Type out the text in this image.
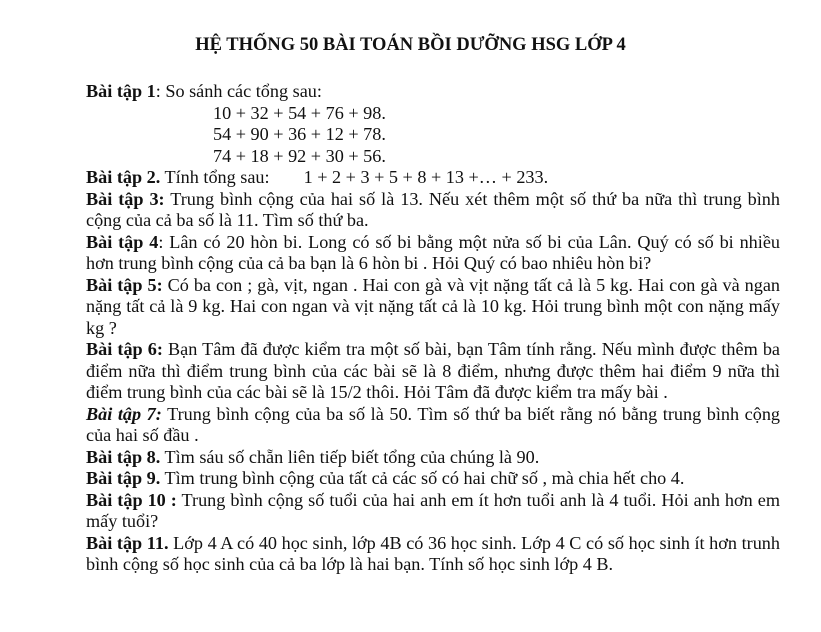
HỆ THỐNG 50 BÀI TOÁN BỒI DƯỠNG HSG LỚP 4

Bài tập 1: So sánh các tổng sau:

10 + 32 + 54 + 76 + 98.
54 + 90 + 36 + 12 + 78.
74 + 18 + 92 + 30 + 56.

Bài tập 2. Tính tổng sau: 1 + 2 + 3 + 5 + 8 + 13 +… + 233.

Bài tập 3: Trung bình cộng của hai số là 13. Nếu xét thêm một số thứ ba nữa thì trung bình cộng của cả ba số là 11. Tìm số thứ ba.

Bài tập 4: Lân có 20 hòn bi. Long có số bi bằng một nửa số bi của Lân. Quý có số bi nhiều hơn trung bình cộng của cả ba bạn là 6 hòn bi . Hỏi Quý có bao nhiêu hòn bi?

Bài tập 5: Có ba con ; gà, vịt, ngan . Hai con gà và vịt nặng tất cả là 5 kg. Hai con gà và ngan nặng tất cả là 9 kg. Hai con ngan và vịt nặng tất cả là 10 kg. Hỏi trung bình một con nặng mấy kg ?

Bài tập 6: Bạn Tâm đã được kiểm tra một số bài, bạn Tâm tính rằng. Nếu mình được thêm ba điểm nữa thì điểm trung bình của các bài sẽ là 8 điểm, nhưng được thêm hai điểm 9 nữa thì điểm trung bình của các bài sẽ là 15/2 thôi. Hỏi Tâm đã được kiểm tra mấy bài .

Bài tập 7: Trung bình cộng của ba số là 50. Tìm số thứ ba biết rằng nó bằng trung bình cộng của hai số đầu .

Bài tập 8. Tìm sáu số chẵn liên tiếp biết tổng của chúng là 90.

Bài tập 9. Tìm trung bình cộng của tất cả các số có hai chữ số , mà chia hết cho 4.

Bài tập 10 : Trung bình cộng số tuổi của hai anh em ít hơn tuổi anh là 4 tuổi. Hỏi anh hơn em mấy tuổi?

Bài tập 11. Lớp 4 A có 40 học sinh, lớp 4B có 36 học sinh. Lớp 4 C có số học sinh ít hơn trunh bình cộng số học sinh của cả ba lớp là hai bạn. Tính số học sinh lớp 4 B.
